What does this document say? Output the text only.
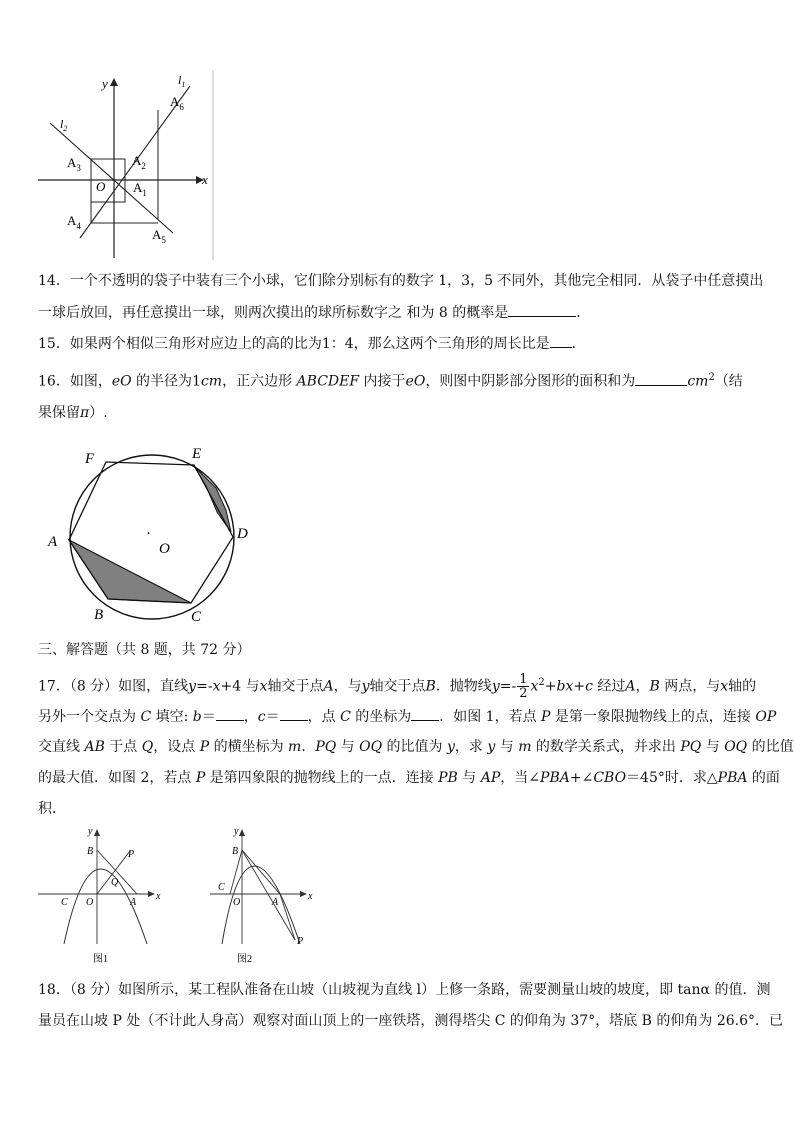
y
x
O
$l_1$
$l_2$
$A_6$
$A_2$
$A_3$
$A_1$
$A_4$
$A_5$
14．一个不透明的袋子中装有三个小球，它们除分别标有的数字 1，3，5 不同外，其他完全相同．从袋子中任意摸出
一球后放回，再任意摸出一球，则两次摸出的球所标数字之 和为 8 的概率是	．
15．如果两个相似三角形对应边上的高的比为1：4，那么这两个三角形的周长比是 ．
16．如图，eO 的半径为1cm，正六边形 ABCDEF 内接于eO，则图中阴影部分图形的面积和为	$cm^2$（结
果保留π）.
F	E
A	D
B	C
·
O
三、解答题（共 8 题，共 72 分）
17．（8 分）如图，直线y=-x+4 与x轴交于点A，与y轴交于点B．抛物线$y=- \frac{1}{2} x^2+bx+c$ 经过A，B 两点，与x轴的
另外一个交点为 C 填空: b＝ ，c＝ ，点 C 的坐标为 ．如图 1，若点 P 是第一象限抛物线上的点，连接 OP
交直线 AB 于点 Q，设点 P 的横坐标为 m．PQ 与 OQ 的比值为 y，求 y 与 m 的数学关系式，并求出 PQ 与 OQ 的比值
的最大值．如图 2，若点 P 是第四象限的抛物线上的一点．连接 PB 与 AP，当∠PBA+∠CBO＝45°时．求△PBA 的面
积．
y
x
B	P
Q
C O	A
图1
y
x
B
C
O	A
P
图2
18．（8 分）如图所示，某工程队准备在山坡（山坡视为直线 l）上修一条路，需要测量山坡的坡度，即 tanα 的值．测
量员在山坡 P 处（不计此人身高）观察对面山顶上的一座铁塔，测得塔尖 C 的仰角为 37°，塔底 B 的仰角为 26.6°．已
